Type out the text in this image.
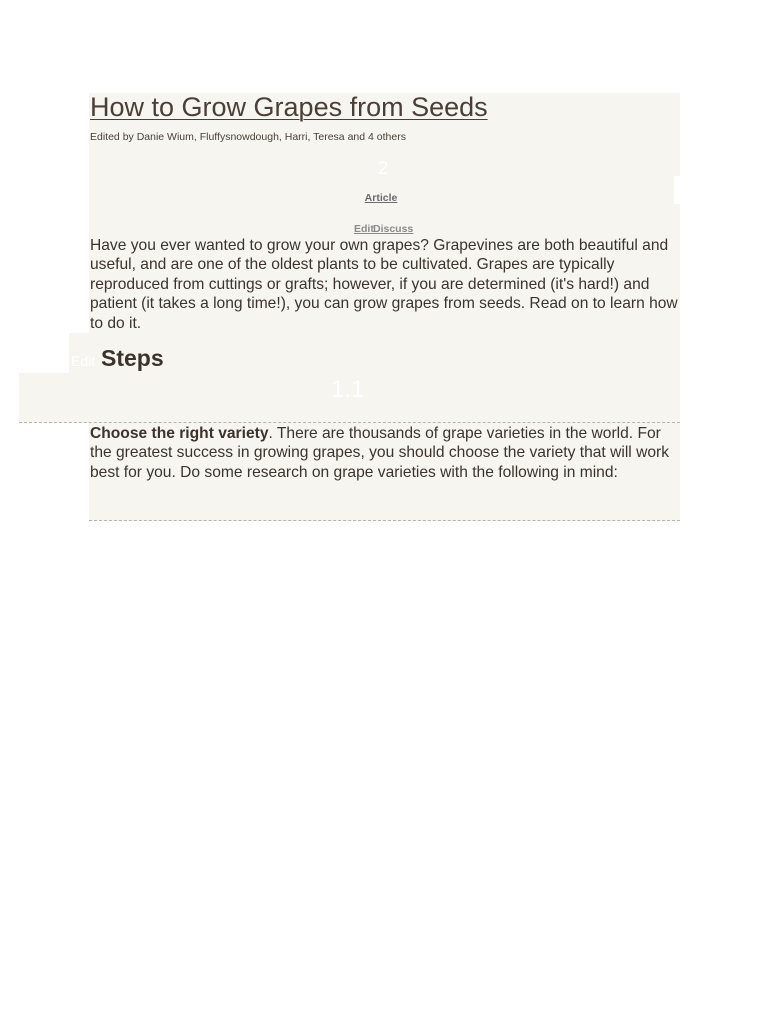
How to Grow Grapes from Seeds
Edited by Danie Wium, Fluffysnowdough, Harri, Teresa and 4 others
2
Article
Edit Discuss

Have you ever wanted to grow your own grapes? Grapevines are both beautiful and useful, and are one of the oldest plants to be cultivated. Grapes are typically reproduced from cuttings or grafts; however, if you are determined (it's hard!) and patient (it takes a long time!), you can grow grapes from seeds. Read on to learn how to do it.

Edit Steps
1.1

Choose the right variety. There are thousands of grape varieties in the world. For the greatest success in growing grapes, you should choose the variety that will work best for you. Do some research on grape varieties with the following in mind:
